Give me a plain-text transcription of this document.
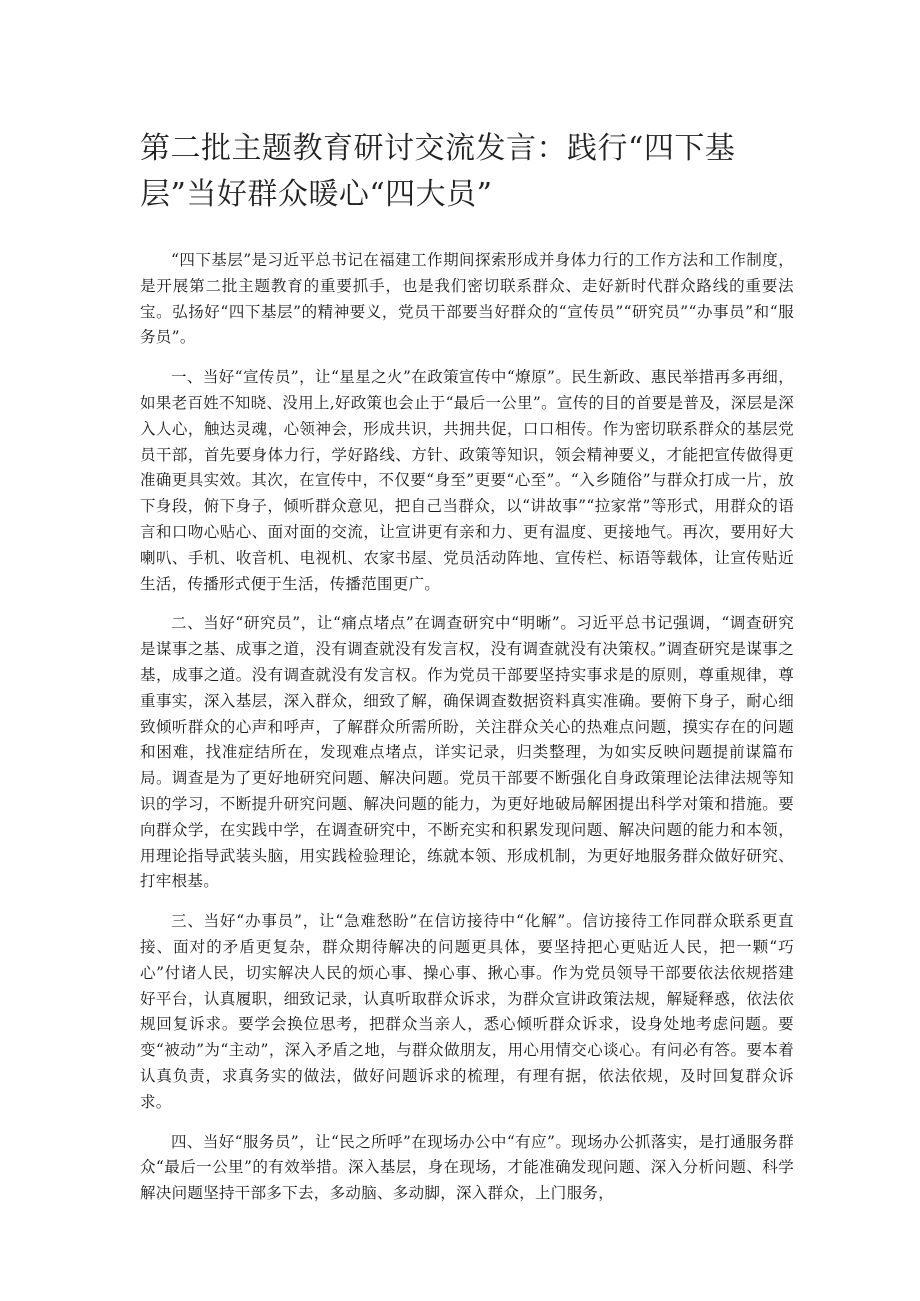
第二批主题教育研讨交流发言：践行“四下基层”当好群众暖心“四大员”

“四下基层”是习近平总书记在福建工作期间探索形成并身体力行的工作方法和工作制度，是开展第二批主题教育的重要抓手，也是我们密切联系群众、走好新时代群众路线的重要法宝。弘扬好“四下基层”的精神要义，党员干部要当好群众的“宣传员”“研究员”“办事员”和“服务员”。

一、当好“宣传员”，让“星星之火”在政策宣传中“燎原”。民生新政、惠民举措再多再细，如果老百姓不知晓、没用上,好政策也会止于“最后一公里”。宣传的目的首要是普及，深层是深入人心，触达灵魂，心领神会，形成共识，共拥共促，口口相传。作为密切联系群众的基层党员干部，首先要身体力行，学好路线、方针、政策等知识，领会精神要义，才能把宣传做得更准确更具实效。其次，在宣传中，不仅要“身至”更要“心至”。“入乡随俗”与群众打成一片，放下身段，俯下身子，倾听群众意见，把自己当群众，以“讲故事”“拉家常”等形式，用群众的语言和口吻心贴心、面对面的交流，让宣讲更有亲和力、更有温度、更接地气。再次，要用好大喇叭、手机、收音机、电视机、农家书屋、党员活动阵地、宣传栏、标语等载体，让宣传贴近生活，传播形式便于生活，传播范围更广。

二、当好“研究员”，让“痛点堵点”在调查研究中“明晰”。习近平总书记强调，“调查研究是谋事之基、成事之道，没有调查就没有发言权，没有调查就没有决策权。”调查研究是谋事之基，成事之道。没有调查就没有发言权。作为党员干部要坚持实事求是的原则，尊重规律，尊重事实，深入基层，深入群众，细致了解，确保调查数据资料真实准确。要俯下身子，耐心细致倾听群众的心声和呼声，了解群众所需所盼，关注群众关心的热难点问题，摸实存在的问题和困难，找准症结所在，发现难点堵点，详实记录，归类整理，为如实反映问题提前谋篇布局。调查是为了更好地研究问题、解决问题。党员干部要不断强化自身政策理论法律法规等知识的学习，不断提升研究问题、解决问题的能力，为更好地破局解困提出科学对策和措施。要向群众学，在实践中学，在调查研究中，不断充实和积累发现问题、解决问题的能力和本领，用理论指导武装头脑，用实践检验理论，练就本领、形成机制，为更好地服务群众做好研究、打牢根基。

三、当好“办事员”，让“急难愁盼”在信访接待中“化解”。信访接待工作同群众联系更直接、面对的矛盾更复杂，群众期待解决的问题更具体，要坚持把心更贴近人民，把一颗“巧心”付诸人民，切实解决人民的烦心事、操心事、揪心事。作为党员领导干部要依法依规搭建好平台，认真履职，细致记录，认真听取群众诉求，为群众宣讲政策法规，解疑释惑，依法依规回复诉求。要学会换位思考，把群众当亲人，悉心倾听群众诉求，设身处地考虑问题。要变“被动”为“主动”，深入矛盾之地，与群众做朋友，用心用情交心谈心。有问必有答。要本着认真负责，求真务实的做法，做好问题诉求的梳理，有理有据，依法依规，及时回复群众诉求。

四、当好“服务员”，让“民之所呼”在现场办公中“有应”。现场办公抓落实，是打通服务群众“最后一公里”的有效举措。深入基层，身在现场，才能准确发现问题、深入分析问题、科学解决问题坚持干部多下去，多动脑、多动脚，深入群众，上门服务，
